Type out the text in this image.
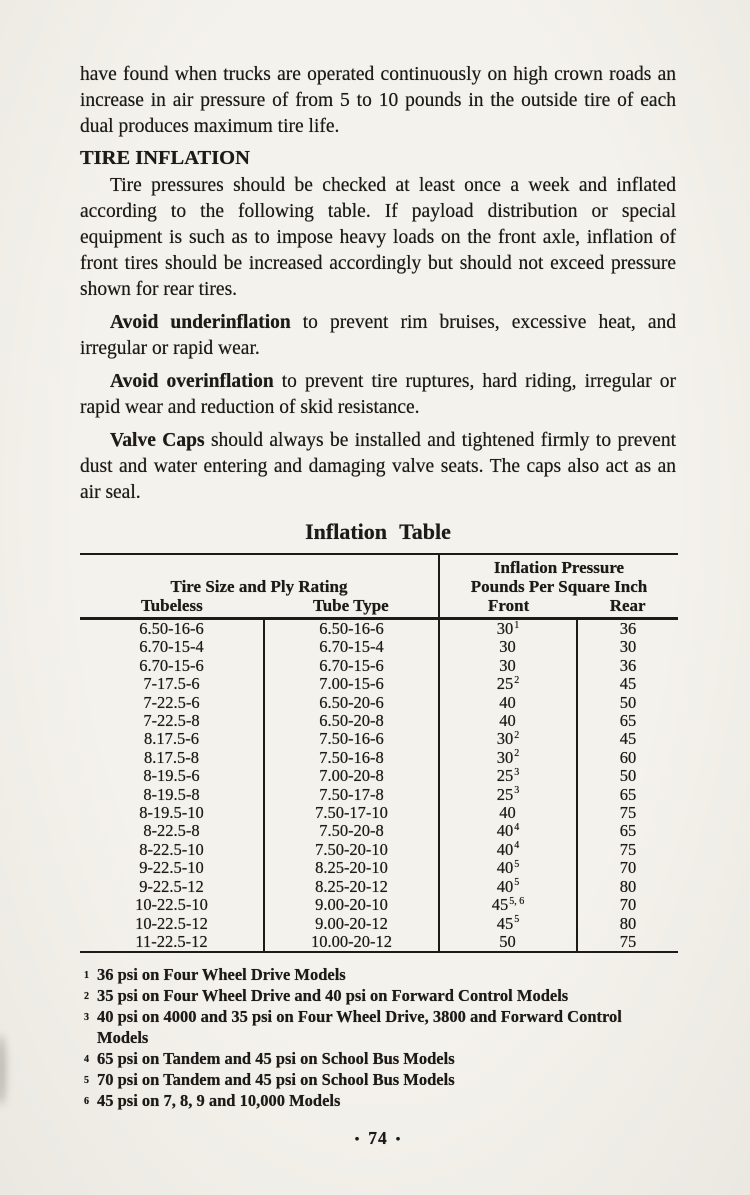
have found when trucks are operated continuously on high crown roads an increase in air pressure of from 5 to 10 pounds in the outside tire of each dual produces maximum tire life.

TIRE INFLATION

Tire pressures should be checked at least once a week and inflated according to the following table. If payload distribution or special equipment is such as to impose heavy loads on the front axle, inflation of front tires should be increased accordingly but should not exceed pressure shown for rear tires.

Avoid underinflation to prevent rim bruises, excessive heat, and irregular or rapid wear.

Avoid overinflation to prevent tire ruptures, hard riding, irregular or rapid wear and reduction of skid resistance.

Valve Caps should always be installed and tightened firmly to prevent dust and water entering and damaging valve seats. The caps also act as an air seal.

Inflation Table
Tire Size and Ply Rating
Tubeless	Tube Type

Inflation Pressure
Pounds Per Square Inch
Front	Rear

6.50-16-6	6.50-16-6	30$^1$	36
6.70-15-4	6.70-15-4	30	30
6.70-15-6	6.70-15-6	30	36
7-17.5-6	7.00-15-6	25$^2$	45
7-22.5-6	6.50-20-6	40	50
7-22.5-8	6.50-20-8	40	65
8.17.5-6	7.50-16-6	30$^2$	45
8.17.5-8	7.50-16-8	30$^2$	60
8-19.5-6	7.00-20-8	25$^3$	50
8-19.5-8	7.50-17-8	25$^3$	65
8-19.5-10	7.50-17-10	40	75
8-22.5-8	7.50-20-8	40$^4$	65
8-22.5-10	7.50-20-10	40$^4$	75
9-22.5-10	8.25-20-10	40$^5$	70
9-22.5-12	8.25-20-12	40$^5$	80
10-22.5-10	9.00-20-10	45$^{5, 6}$	70
10-22.5-12	9.00-20-12	45$^5$	80
11-22.5-12	10.00-20-12	50	75
1 36 psi on Four Wheel Drive Models
2 35 psi on Four Wheel Drive and 40 psi on Forward Control Models
3 40 psi on 4000 and 35 psi on Four Wheel Drive, 3800 and Forward Control Models
4 65 psi on Tandem and 45 psi on School Bus Models
5 70 psi on Tandem and 45 psi on School Bus Models
6 45 psi on 7, 8, 9 and 10,000 Models
• 74 •
